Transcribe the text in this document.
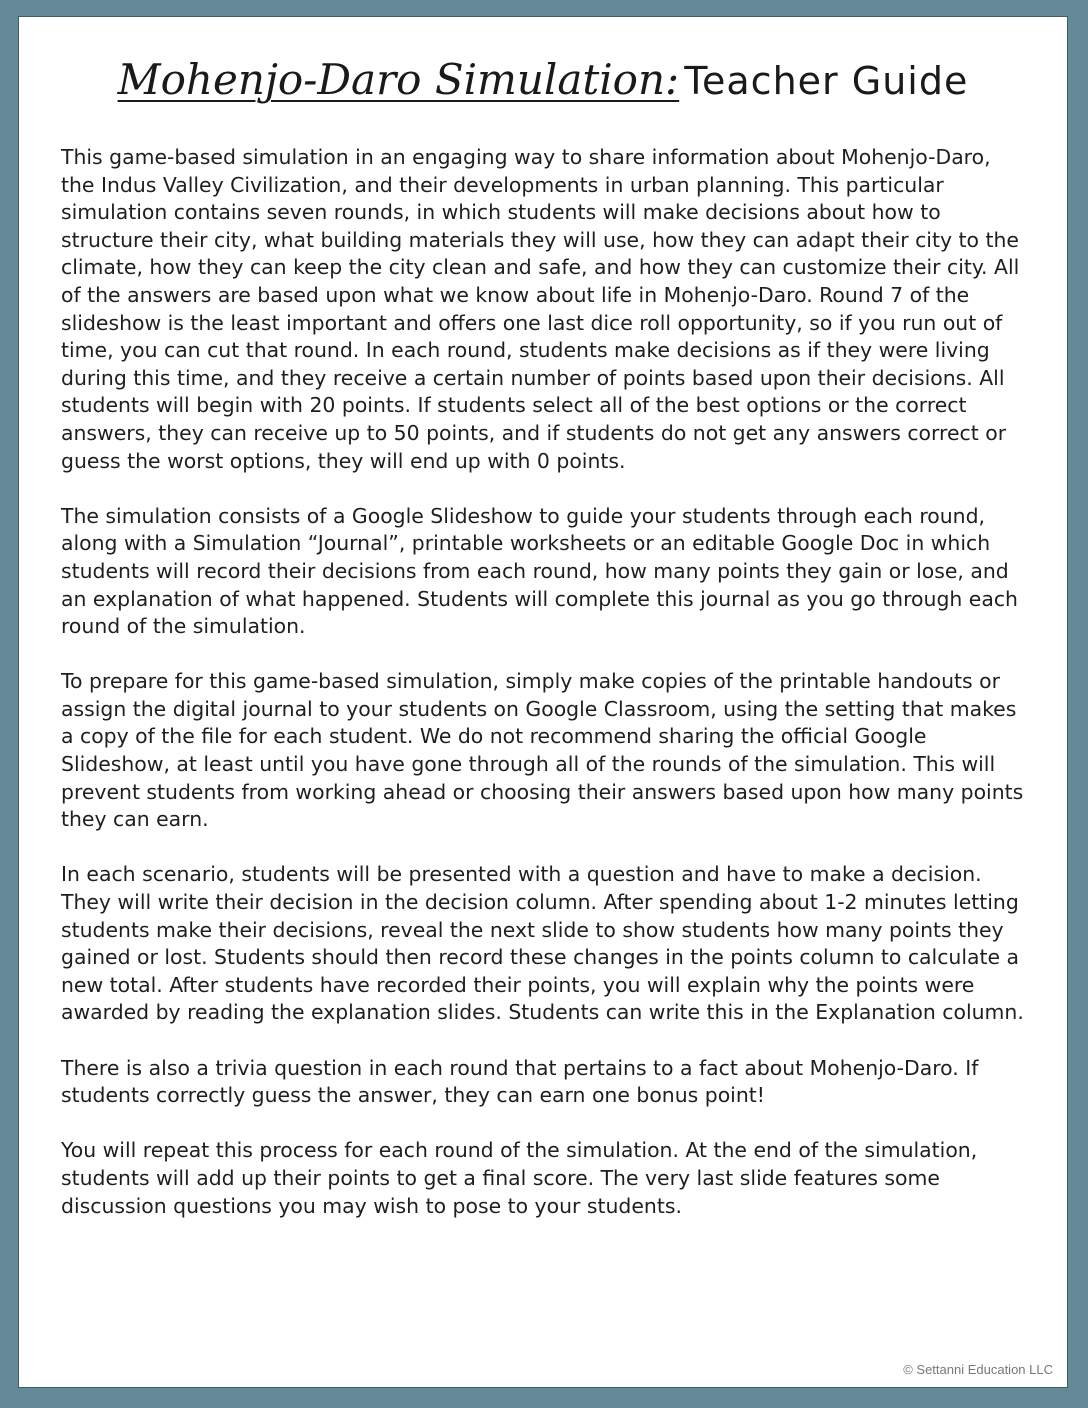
Mohenjo-Daro Simulation: Teacher Guide

This game-based simulation in an engaging way to share information about Mohenjo-Daro, the Indus Valley Civilization, and their developments in urban planning. This particular simulation contains seven rounds, in which students will make decisions about how to structure their city, what building materials they will use, how they can adapt their city to the climate, how they can keep the city clean and safe, and how they can customize their city. All of the answers are based upon what we know about life in Mohenjo-Daro. Round 7 of the slideshow is the least important and offers one last dice roll opportunity, so if you run out of time, you can cut that round. In each round, students make decisions as if they were living during this time, and they receive a certain number of points based upon their decisions. All students will begin with 20 points. If students select all of the best options or the correct answers, they can receive up to 50 points, and if students do not get any answers correct or guess the worst options, they will end up with 0 points.

The simulation consists of a Google Slideshow to guide your students through each round, along with a Simulation “Journal”, printable worksheets or an editable Google Doc in which students will record their decisions from each round, how many points they gain or lose, and an explanation of what happened. Students will complete this journal as you go through each round of the simulation.

To prepare for this game-based simulation, simply make copies of the printable handouts or assign the digital journal to your students on Google Classroom, using the setting that makes a copy of the file for each student. We do not recommend sharing the official Google Slideshow, at least until you have gone through all of the rounds of the simulation. This will prevent students from working ahead or choosing their answers based upon how many points they can earn.

In each scenario, students will be presented with a question and have to make a decision. They will write their decision in the decision column. After spending about 1-2 minutes letting students make their decisions, reveal the next slide to show students how many points they gained or lost. Students should then record these changes in the points column to calculate a new total. After students have recorded their points, you will explain why the points were awarded by reading the explanation slides. Students can write this in the Explanation column.

There is also a trivia question in each round that pertains to a fact about Mohenjo-Daro. If students correctly guess the answer, they can earn one bonus point!

You will repeat this process for each round of the simulation. At the end of the simulation, students will add up their points to get a final score. The very last slide features some discussion questions you may wish to pose to your students.

© Settanni Education LLC
